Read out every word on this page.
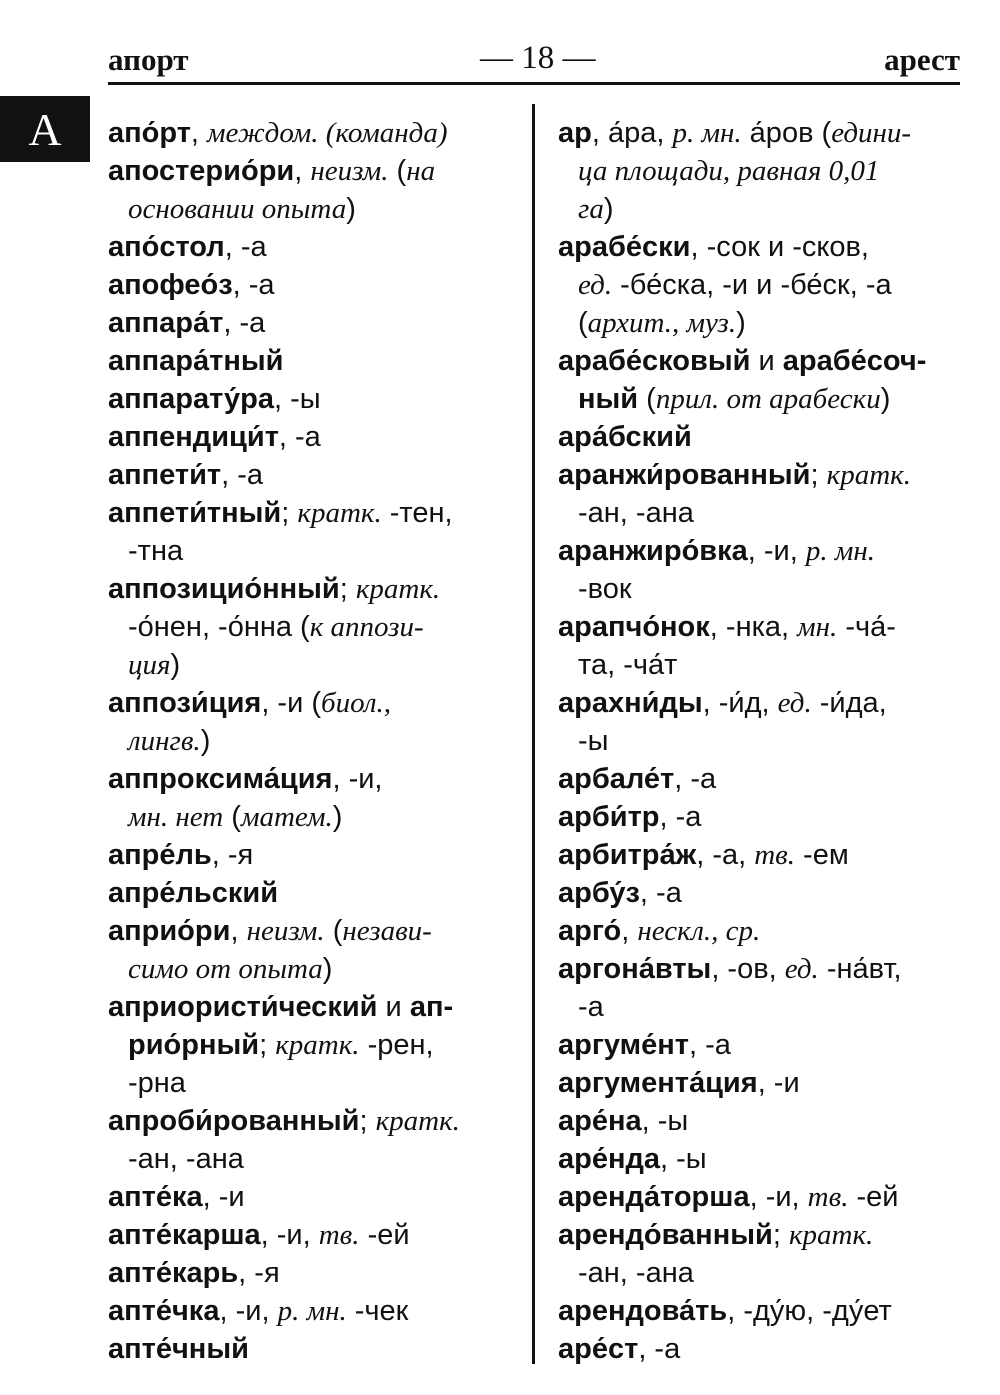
апорт	— 18 —	арест
А апо́рт, междом. (команда)
апостерио́ри, неизм. (на
основании опыта)
апо́стол, -а
апофео́з, -а
аппара́т, -а
аппара́тный
аппарату́ра, -ы
аппендици́т, -а
аппети́т, -а
аппети́тный; кратк. -тен,
-тна
аппозицио́нный; кратк.
-о́нен, -о́нна (к аппози-
ция)
аппози́ция, -и (биол.,
лингв.)
аппроксима́ция, -и,
мн. нет (матем.)
апре́ль, -я
апре́льский
априо́ри, неизм. (незави-
симо от опыта)
априористи́ческий и ап-
рио́рный; кратк. -рен,
-рна
апроби́рованный; кратк.
-ан, -ана
апте́ка, -и
апте́карша, -и, тв. -ей
апте́карь, -я
апте́чка, -и, р. мн. -чек
апте́чный
ар, а́ра, р. мн. а́ров (едини-
ца площади, равная 0,01
га)
арабе́ски, -сок и -сков,
ед. -бе́ска, -и и -бе́ск, -а
(архит., муз.)
арабе́сковый и арабе́соч-
ный (прил. от арабески)
ара́бский
аранжи́рованный; кратк.
-ан, -ана
аранжиро́вка, -и, р. мн.
-вок
арапчо́нок, -нка, мн. -ча́-
та, -ча́т
арахни́ды, -и́д, ед. -и́да,
-ы
арбале́т, -а
арби́тр, -а
арбитра́ж, -а, тв. -ем
арбу́з, -а
арго́, нескл., ср.
аргона́вты, -ов, ед. -на́вт,
-а
аргуме́нт, -а
аргумента́ция, -и
аре́на, -ы
аре́нда, -ы
аренда́торша, -и, тв. -ей
арендо́ванный; кратк.
-ан, -ана
арендова́ть, -ду́ю, -ду́ет
аре́ст, -а
